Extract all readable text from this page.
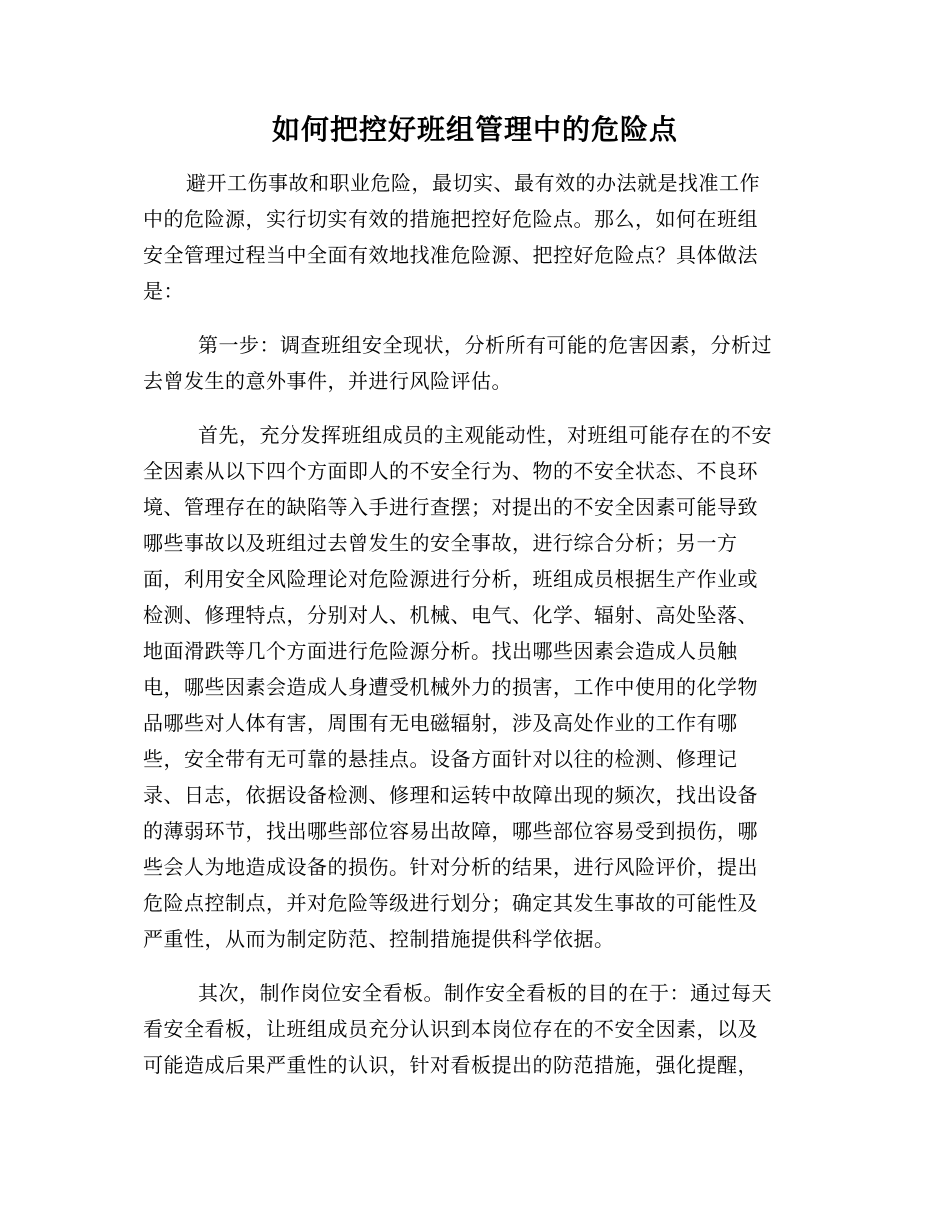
如何把控好班组管理中的危险点
避开工伤事故和职业危险，最切实、最有效的办法就是找准工作
中的危险源，实行切实有效的措施把控好危险点。那么，如何在班组
安全管理过程当中全面有效地找准危险源、把控好危险点？具体做法
是：
第一步：调查班组安全现状，分析所有可能的危害因素，分析过
去曾发生的意外事件，并进行风险评估。
首先，充分发挥班组成员的主观能动性，对班组可能存在的不安
全因素从以下四个方面即人的不安全行为、物的不安全状态、不良环
境、管理存在的缺陷等入手进行查摆；对提出的不安全因素可能导致
哪些事故以及班组过去曾发生的安全事故，进行综合分析；另一方
面，利用安全风险理论对危险源进行分析，班组成员根据生产作业或
检测、修理特点，分别对人、机械、电气、化学、辐射、高处坠落、
地面滑跌等几个方面进行危险源分析。找出哪些因素会造成人员触
电，哪些因素会造成人身遭受机械外力的损害，工作中使用的化学物
品哪些对人体有害，周围有无电磁辐射，涉及高处作业的工作有哪
些，安全带有无可靠的悬挂点。设备方面针对以往的检测、修理记
录、日志，依据设备检测、修理和运转中故障出现的频次，找出设备
的薄弱环节，找出哪些部位容易出故障，哪些部位容易受到损伤，哪
些会人为地造成设备的损伤。针对分析的结果，进行风险评价，提出
危险点控制点，并对危险等级进行划分；确定其发生事故的可能性及
严重性，从而为制定防范、控制措施提供科学依据。
其次，制作岗位安全看板。制作安全看板的目的在于：通过每天
看安全看板，让班组成员充分认识到本岗位存在的不安全因素，以及
可能造成后果严重性的认识，针对看板提出的防范措施，强化提醒，
